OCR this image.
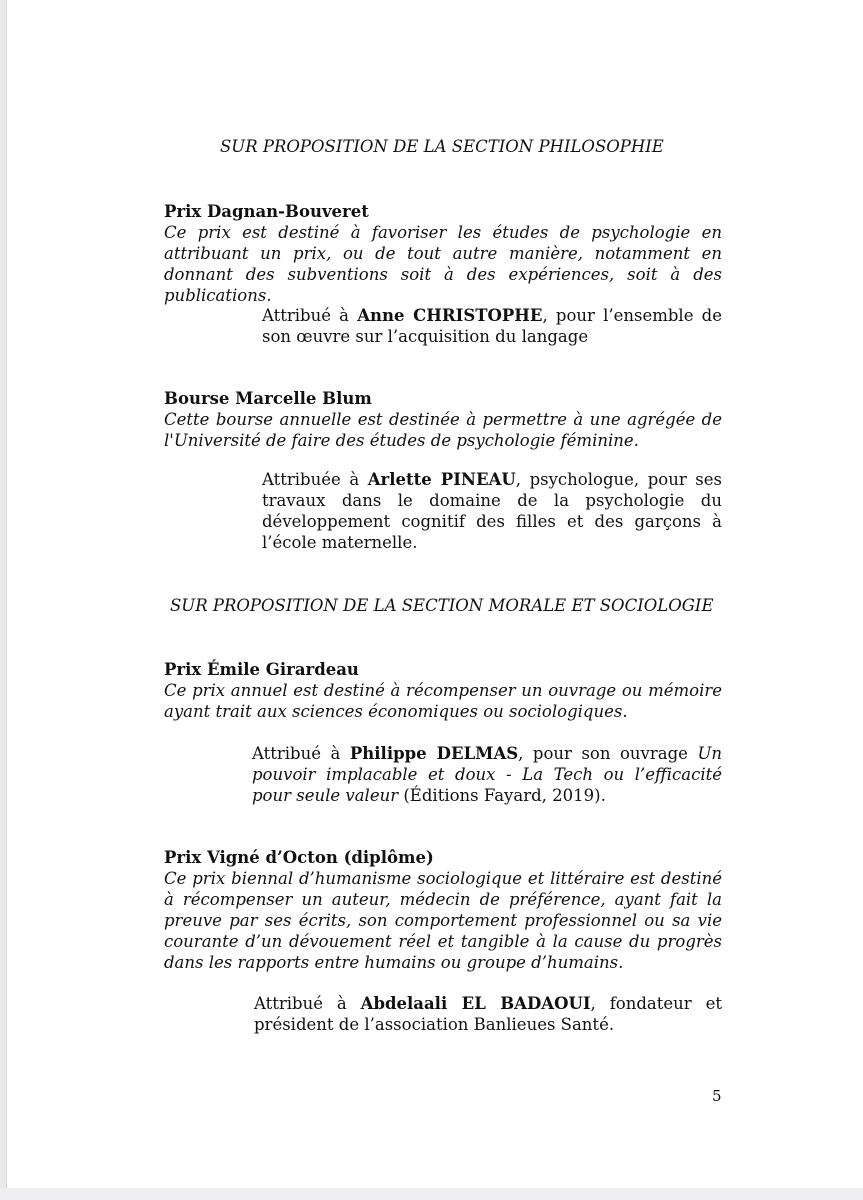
SUR PROPOSITION DE LA SECTION PHILOSOPHIE

Prix Dagnan-Bouveret

Ce prix est destiné à favoriser les études de psychologie en attribuant un prix, ou de tout autre manière, notamment en donnant des subventions soit à des expériences, soit à des publications.

Attribué à Anne CHRISTOPHE, pour l’ensemble de son œuvre sur l’acquisition du langage

Bourse Marcelle Blum

Cette bourse annuelle est destinée à permettre à une agrégée de l'Université de faire des études de psychologie féminine.

Attribuée à Arlette PINEAU, psychologue, pour ses travaux dans le domaine de la psychologie du développement cognitif des filles et des garçons à l’école maternelle.
SUR PROPOSITION DE LA SECTION MORALE ET SOCIOLOGIE

Prix Émile Girardeau

Ce prix annuel est destiné à récompenser un ouvrage ou mémoire ayant trait aux sciences économiques ou sociologiques.

Attribué à Philippe DELMAS, pour son ouvrage Un pouvoir implacable et doux - La Tech ou l’efficacité pour seule valeur (Éditions Fayard, 2019).

Prix Vigné d’Octon (diplôme)

Ce prix biennal d’humanisme sociologique et littéraire est destiné à récompenser un auteur, médecin de préférence, ayant fait la preuve par ses écrits, son comportement professionnel ou sa vie courante d’un dévouement réel et tangible à la cause du progrès dans les rapports entre humains ou groupe d’humains.

Attribué à Abdelaali EL BADAOUI, fondateur et président de l’association Banlieues Santé.
5
